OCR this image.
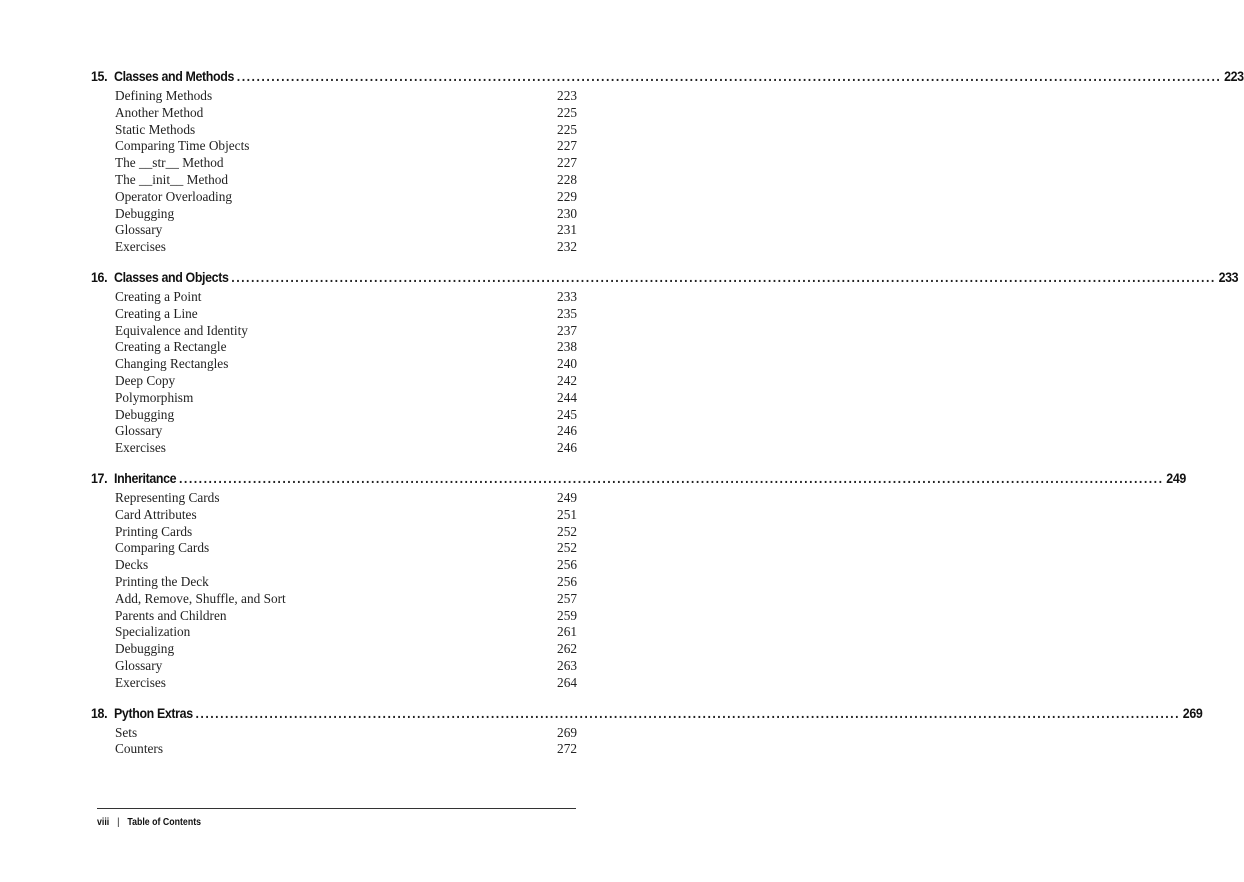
15. Classes and Methods ........................................................................................................................................................................................................ 223
Defining Methods	223
Another Method	225
Static Methods	225
Comparing Time Objects	227
The __str__ Method	227
The __init__ Method	228
Operator Overloading	229
Debugging	230
Glossary	231
Exercises	232
16. Classes and Objects ........................................................................................................................................................................................................ 233
Creating a Point	233
Creating a Line	235
Equivalence and Identity	237
Creating a Rectangle	238
Changing Rectangles	240
Deep Copy	242
Polymorphism	244
Debugging	245
Glossary	246
Exercises	246
17. Inheritance ........................................................................................................................................................................................................ 249
Representing Cards	249
Card Attributes	251
Printing Cards	252
Comparing Cards	252
Decks	256
Printing the Deck	256
Add, Remove, Shuffle, and Sort	257
Parents and Children	259
Specialization	261
Debugging	262
Glossary	263
Exercises	264
18. Python Extras ........................................................................................................................................................................................................ 269
Sets	269
Counters	272
viii | Table of Contents
